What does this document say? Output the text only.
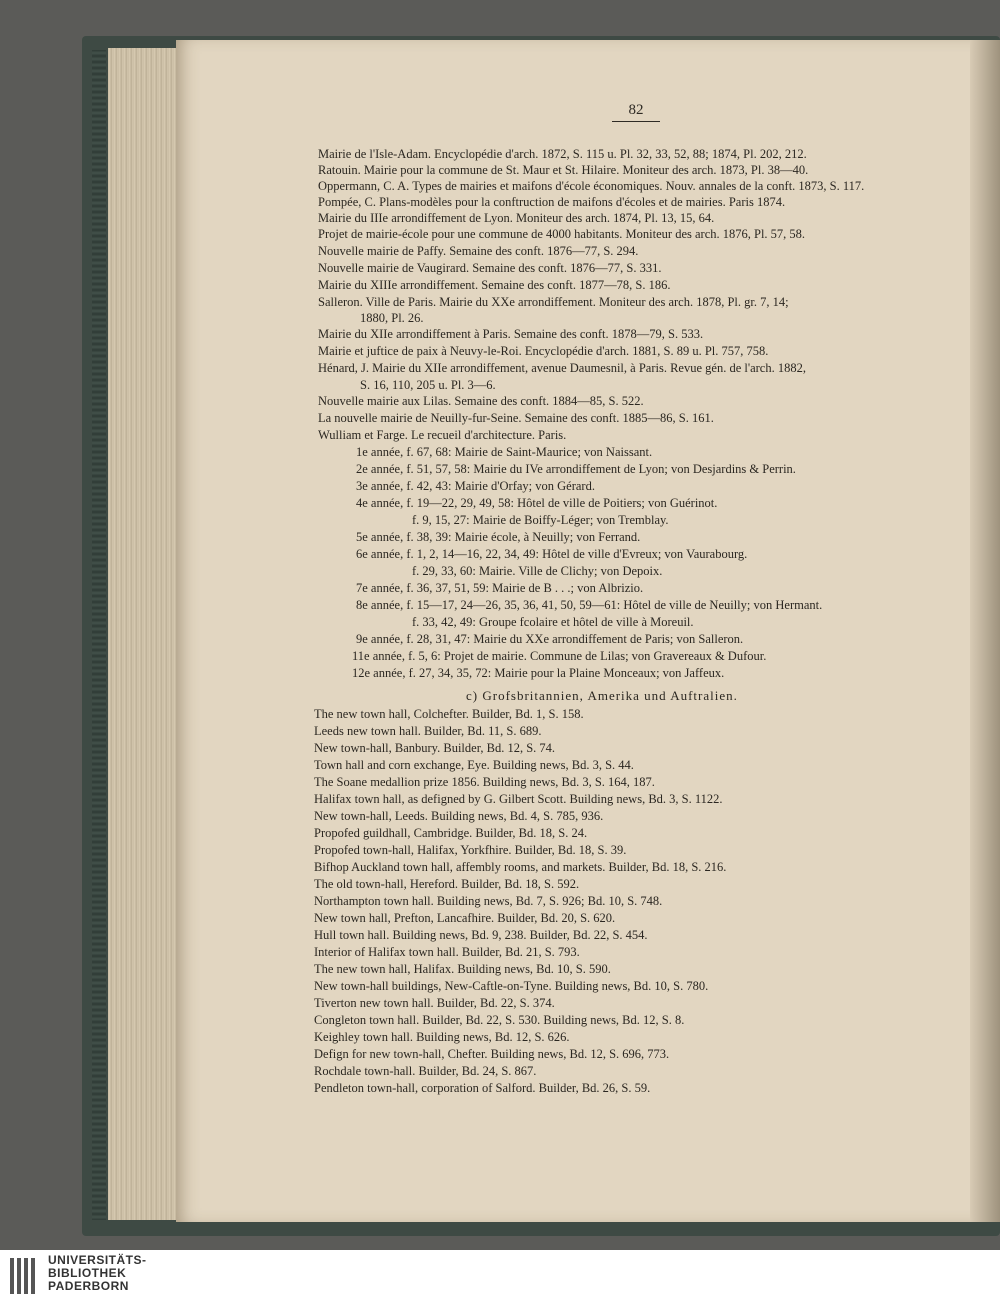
82
Mairie de l'Isle-Adam. Encyclopédie d'arch. 1872, S. 115 u. Pl. 32, 33, 52, 88; 1874, Pl. 202, 212.
Ratouin. Mairie pour la commune de St. Maur et St. Hilaire. Moniteur des arch. 1873, Pl. 38—40.
Oppermann, C. A. Types de mairies et maifons d'école économiques. Nouv. annales de la conft. 1873, S. 117.
Pompée, C. Plans-modèles pour la conftruction de maifons d'écoles et de mairies. Paris 1874.
Mairie du IIIe arrondiffement de Lyon. Moniteur des arch. 1874, Pl. 13, 15, 64.
Projet de mairie-école pour une commune de 4000 habitants. Moniteur des arch. 1876, Pl. 57, 58.
Nouvelle mairie de Paffy. Semaine des conft. 1876—77, S. 294.
Nouvelle mairie de Vaugirard. Semaine des conft. 1876—77, S. 331.
Mairie du XIIIe arrondiffement. Semaine des conft. 1877—78, S. 186.
Salleron. Ville de Paris. Mairie du XXe arrondiffement. Moniteur des arch. 1878, Pl. gr. 7, 14;
1880, Pl. 26.
Mairie du XIIe arrondiffement à Paris. Semaine des conft. 1878—79, S. 533.
Mairie et juftice de paix à Neuvy-le-Roi. Encyclopédie d'arch. 1881, S. 89 u. Pl. 757, 758.
Hénard, J. Mairie du XIIe arrondiffement, avenue Daumesnil, à Paris. Revue gén. de l'arch. 1882,
S. 16, 110, 205 u. Pl. 3—6.
Nouvelle mairie aux Lilas. Semaine des conft. 1884—85, S. 522.
La nouvelle mairie de Neuilly-fur-Seine. Semaine des conft. 1885—86, S. 161.
Wulliam et Farge. Le recueil d'architecture. Paris.
1e année, f. 67, 68: Mairie de Saint-Maurice; von Naissant.
2e année, f. 51, 57, 58: Mairie du IVe arrondiffement de Lyon; von Desjardins & Perrin.
3e année, f. 42, 43: Mairie d'Orfay; von Gérard.
4e année, f. 19—22, 29, 49, 58: Hôtel de ville de Poitiers; von Guérinot.
f. 9, 15, 27: Mairie de Boiffy-Léger; von Tremblay.
5e année, f. 38, 39: Mairie école, à Neuilly; von Ferrand.
6e année, f. 1, 2, 14—16, 22, 34, 49: Hôtel de ville d'Evreux; von Vaurabourg.
f. 29, 33, 60: Mairie. Ville de Clichy; von Depoix.
7e année, f. 36, 37, 51, 59: Mairie de B . . .; von Albrizio.
8e année, f. 15—17, 24—26, 35, 36, 41, 50, 59—61: Hôtel de ville de Neuilly; von Hermant.
f. 33, 42, 49: Groupe fcolaire et hôtel de ville à Moreuil.
9e année, f. 28, 31, 47: Mairie du XXe arrondiffement de Paris; von Salleron.
11e année, f. 5, 6: Projet de mairie. Commune de Lilas; von Gravereaux & Dufour.
12e année, f. 27, 34, 35, 72: Mairie pour la Plaine Monceaux; von Jaffeux.
c) Grofsbritannien, Amerika und Auftralien.
The new town hall, Colchefter. Builder, Bd. 1, S. 158.
Leeds new town hall. Builder, Bd. 11, S. 689.
New town-hall, Banbury. Builder, Bd. 12, S. 74.
Town hall and corn exchange, Eye. Building news, Bd. 3, S. 44.
The Soane medallion prize 1856. Building news, Bd. 3, S. 164, 187.
Halifax town hall, as defigned by G. Gilbert Scott. Building news, Bd. 3, S. 1122.
New town-hall, Leeds. Building news, Bd. 4, S. 785, 936.
Propofed guildhall, Cambridge. Builder, Bd. 18, S. 24.
Propofed town-hall, Halifax, Yorkfhire. Builder, Bd. 18, S. 39.
Bifhop Auckland town hall, affembly rooms, and markets. Builder, Bd. 18, S. 216.
The old town-hall, Hereford. Builder, Bd. 18, S. 592.
Northampton town hall. Building news, Bd. 7, S. 926; Bd. 10, S. 748.
New town hall, Prefton, Lancafhire. Builder, Bd. 20, S. 620.
Hull town hall. Building news, Bd. 9, 238. Builder, Bd. 22, S. 454.
Interior of Halifax town hall. Builder, Bd. 21, S. 793.
The new town hall, Halifax. Building news, Bd. 10, S. 590.
New town-hall buildings, New-Caftle-on-Tyne. Building news, Bd. 10, S. 780.
Tiverton new town hall. Builder, Bd. 22, S. 374.
Congleton town hall. Builder, Bd. 22, S. 530. Building news, Bd. 12, S. 8.
Keighley town hall. Building news, Bd. 12, S. 626.
Defign for new town-hall, Chefter. Building news, Bd. 12, S. 696, 773.
Rochdale town-hall. Builder, Bd. 24, S. 867.
Pendleton town-hall, corporation of Salford. Builder, Bd. 26, S. 59.
UNIVERSITÄTS-
BIBLIOTHEK
PADERBORN
